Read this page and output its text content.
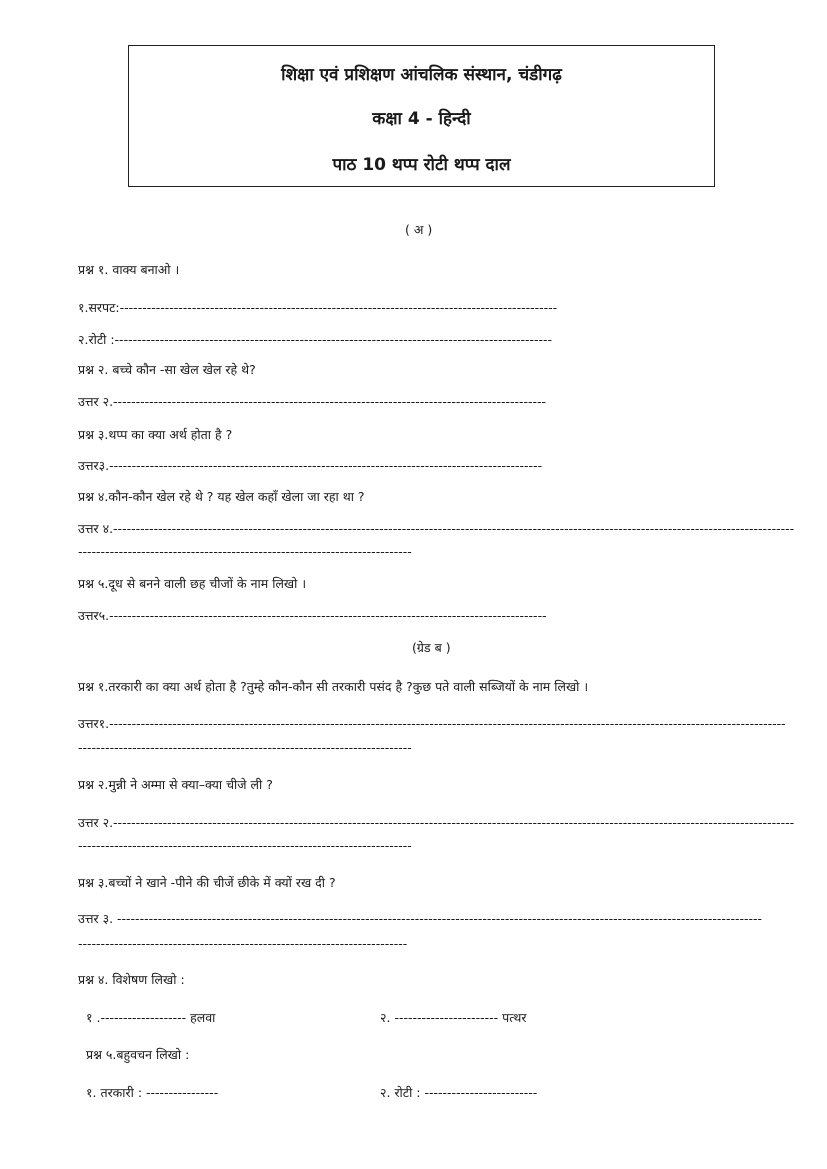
शिक्षा एवं प्रशिक्षण आंचलिक संस्थान, चंडीगढ़
कक्षा 4 - हिन्दी
पाठ 10 थप्प रोटी थप्प दाल
( अ )
प्रश्न १. वाक्य बनाओ ।
१.सरपट:-------------------------------------------------------------------------------------------------
२.रोटी :-------------------------------------------------------------------------------------------------
प्रश्न २. बच्चे कौन -सा खेल खेल रहे थे?
उत्तर २.------------------------------------------------------------------------------------------------
प्रश्न ३.थप्प का क्या अर्थ होता है ?
उत्तर३.------------------------------------------------------------------------------------------------
प्रश्न ४.कौन-कौन खेल रहे थे ? यह खेल कहाँ खेला जा रहा था ?
उत्तर ४.-------------------------------------------------------------------------------------------------------------------------------------------------------
--------------------------------------------------------------------------
प्रश्न ५.दूध से बनने वाली छह चीजों के नाम लिखो ।
उत्तर५.-------------------------------------------------------------------------------------------------
(ग्रेड ब )
प्रश्न १.तरकारी का क्या अर्थ होता है ?तुम्हे कौन-कौन सी तरकारी पसंद है ?कुछ पते वाली सब्जियों के नाम लिखो ।
उत्तर१.------------------------------------------------------------------------------------------------------------------------------------------------------
--------------------------------------------------------------------------
प्रश्न २.मुन्नी ने अम्मा से क्या–क्या चीजे ली ?
उत्तर २.-------------------------------------------------------------------------------------------------------------------------------------------------------
--------------------------------------------------------------------------
प्रश्न ३.बच्चों ने खाने -पीने की चीजें छीके में क्यों रख दी ?
उत्तर ३. -----------------------------------------------------------------------------------------------------------------------------------------------
-------------------------------------------------------------------------
प्रश्न ४. विशेषण लिखो :
१ .------------------- हलवा	२. ----------------------- पत्थर
प्रश्न ५.बहुवचन लिखो :
१. तरकारी : ----------------	२. रोटी : -------------------------
